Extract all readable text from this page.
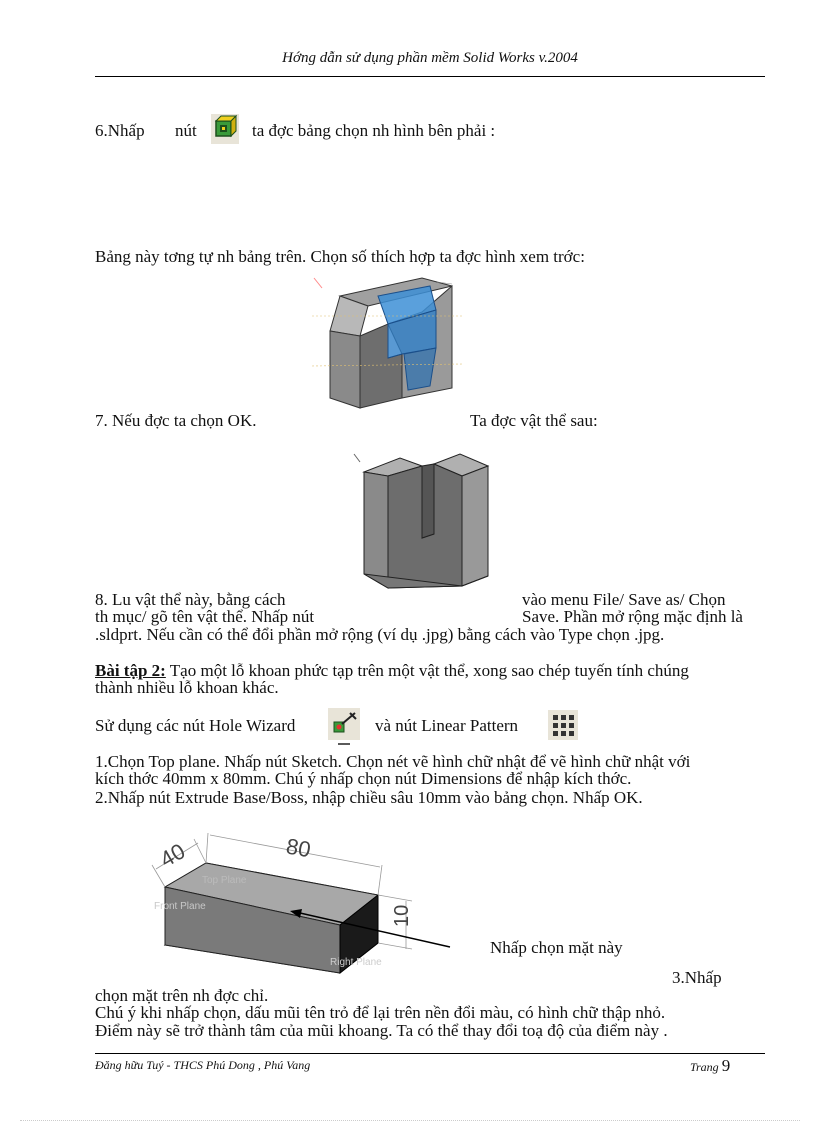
Hớng dẫn sử dụng phần mềm Solid Works v.2004
6.Nhấp nút	ta đợc bảng chọn nh hình bên phải :
Bảng này tơng tự nh bảng trên. Chọn số thích hợp ta đợc hình xem trớc:
7. Nếu đợc ta chọn OK.	Ta đợc vật thể sau:
8. Lu vật thể này, bằng cách	vào menu File/ Save as/ Chọn
th mục/ gõ tên vật thể. Nhấp nút	Save. Phần mở rộng mặc định là
.sldprt. Nếu cần có thể đổi phần mở rộng (ví dụ .jpg) bằng cách vào Type chọn .jpg.
Bài tập 2: Tạo một lỗ khoan phức tạp trên một vật thể, xong sao chép tuyến tính chúng
thành nhiều lỗ khoan khác.
Sử dụng các nút Hole Wizard	và nút Linear Pattern
1.Chọn Top plane. Nhấp nút Sketch. Chọn nét vẽ hình chữ nhật để vẽ hình chữ nhật với
kích thớc 40mm x 80mm. Chú ý nhấp chọn nút Dimensions để nhập kích thớc.
2.Nhấp nút Extrude Base/Boss, nhập chiều sâu 10mm vào bảng chọn. Nhấp OK.
40	80
10
Top Plane
Front Plane
Right Plane
Nhấp chọn mặt này
3.Nhấp
chọn mặt trên nh đợc chỉ.
Chú ý khi nhấp chọn, dấu mũi tên trỏ để lại trên nền đổi màu, có hình chữ thập nhỏ.
Điểm này sẽ trở thành tâm của mũi khoang. Ta có thể thay đổi toạ độ của điểm này .
Đăng hữu Tuý - THCS Phú Dong , Phú Vang	Trang 9
